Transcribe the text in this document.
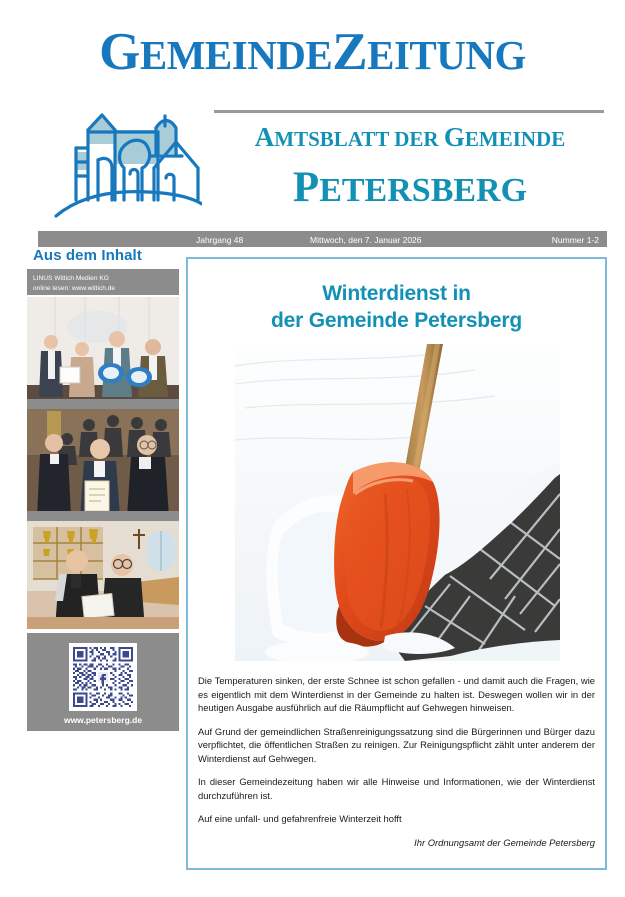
GEMEINDEZEITUNG
AMTSBLATT DER GEMEINDE
PETERSBERG
Jahrgang 48	Mittwoch, den 7. Januar 2026	Nummer 1-2
Aus dem Inhalt
LINUS Wittich Medien KG
online lesen: www.wittich.de
www.petersberg.de
Winterdienst in
der Gemeinde Petersberg

Die Temperaturen sinken, der erste Schnee ist schon gefallen - und damit auch die Fragen, wie es eigentlich mit dem Winterdienst in der Gemeinde zu halten ist. Deswegen wollen wir in der heutigen Ausgabe ausführlich auf die Räumpflicht auf Gehwegen hinweisen.

Auf Grund der gemeindlichen Straßenreinigungssatzung sind die Bürgerinnen und Bürger dazu verpflichtet, die öffentlichen Straßen zu reinigen. Zur Reinigungspflicht zählt unter anderem der Winterdienst auf Gehwegen.

In dieser Gemeindezeitung haben wir alle Hinweise und Informationen, wie der Winterdienst durchzuführen ist.

Auf eine unfall- und gefahrenfreie Winterzeit hofft

Ihr Ordnungsamt der Gemeinde Petersberg
